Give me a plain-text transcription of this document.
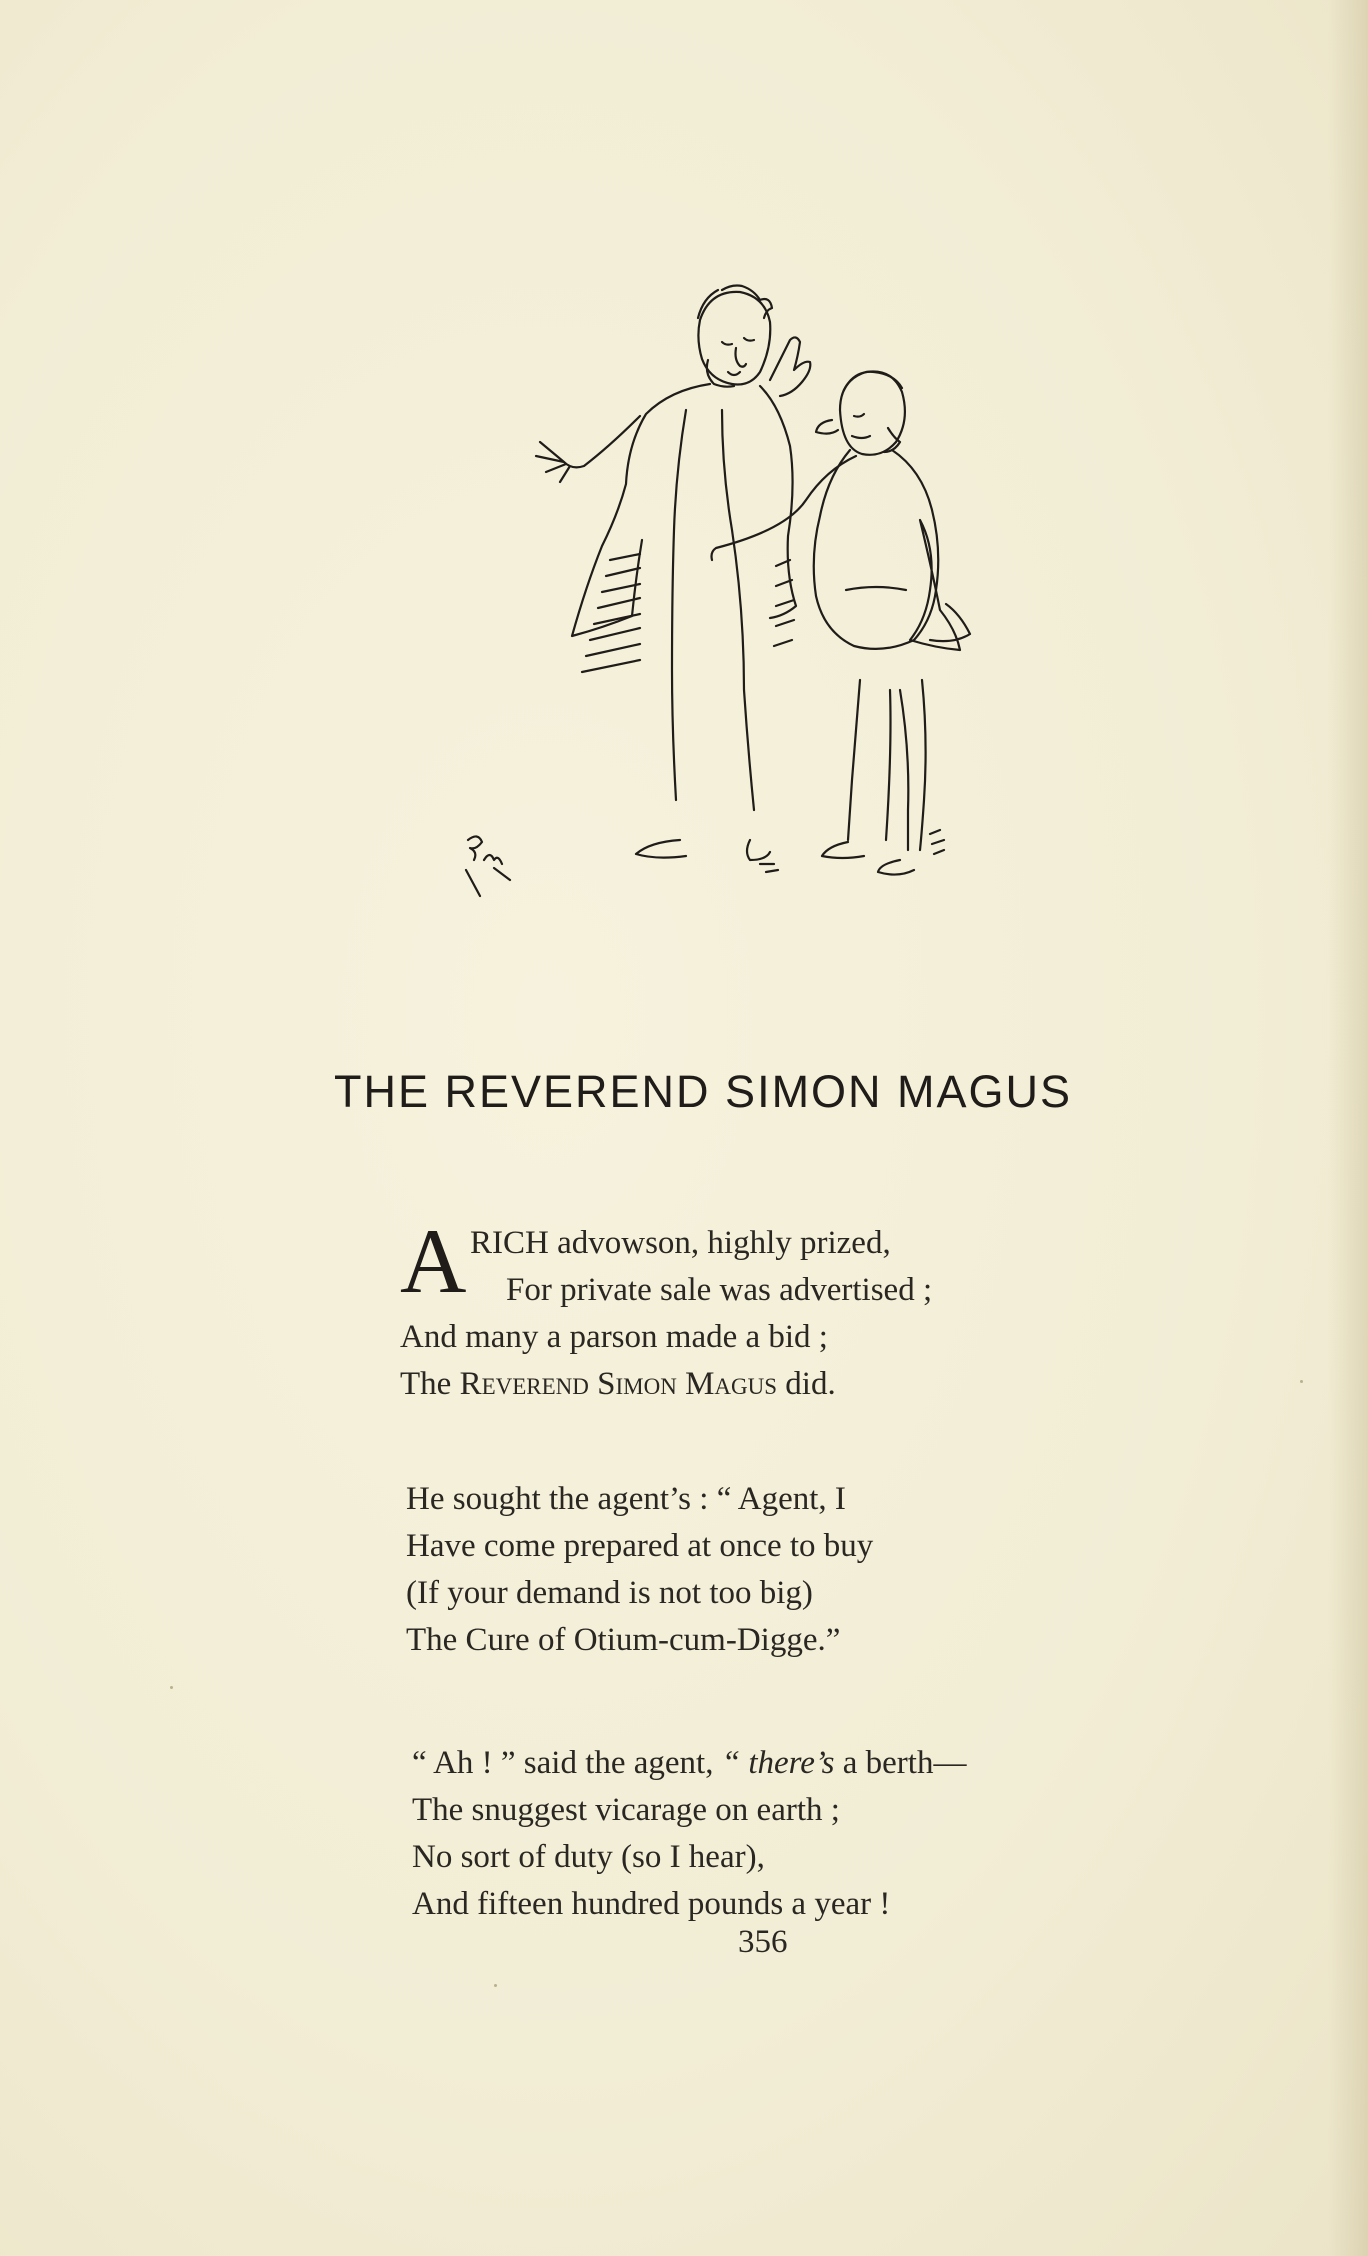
THE REVEREND SIMON MAGUS
A RICH advowson, highly prized,
For private sale was advertised ;
And many a parson made a bid ;
The Reverend Simon Magus did.
He sought the agent’s : “ Agent, I
Have come prepared at once to buy
(If your demand is not too big)
The Cure of Otium-cum-Digge.”
“ Ah ! ” said the agent, “ there’s a berth—
The snuggest vicarage on earth ;
No sort of duty (so I hear),
And fifteen hundred pounds a year !
356
